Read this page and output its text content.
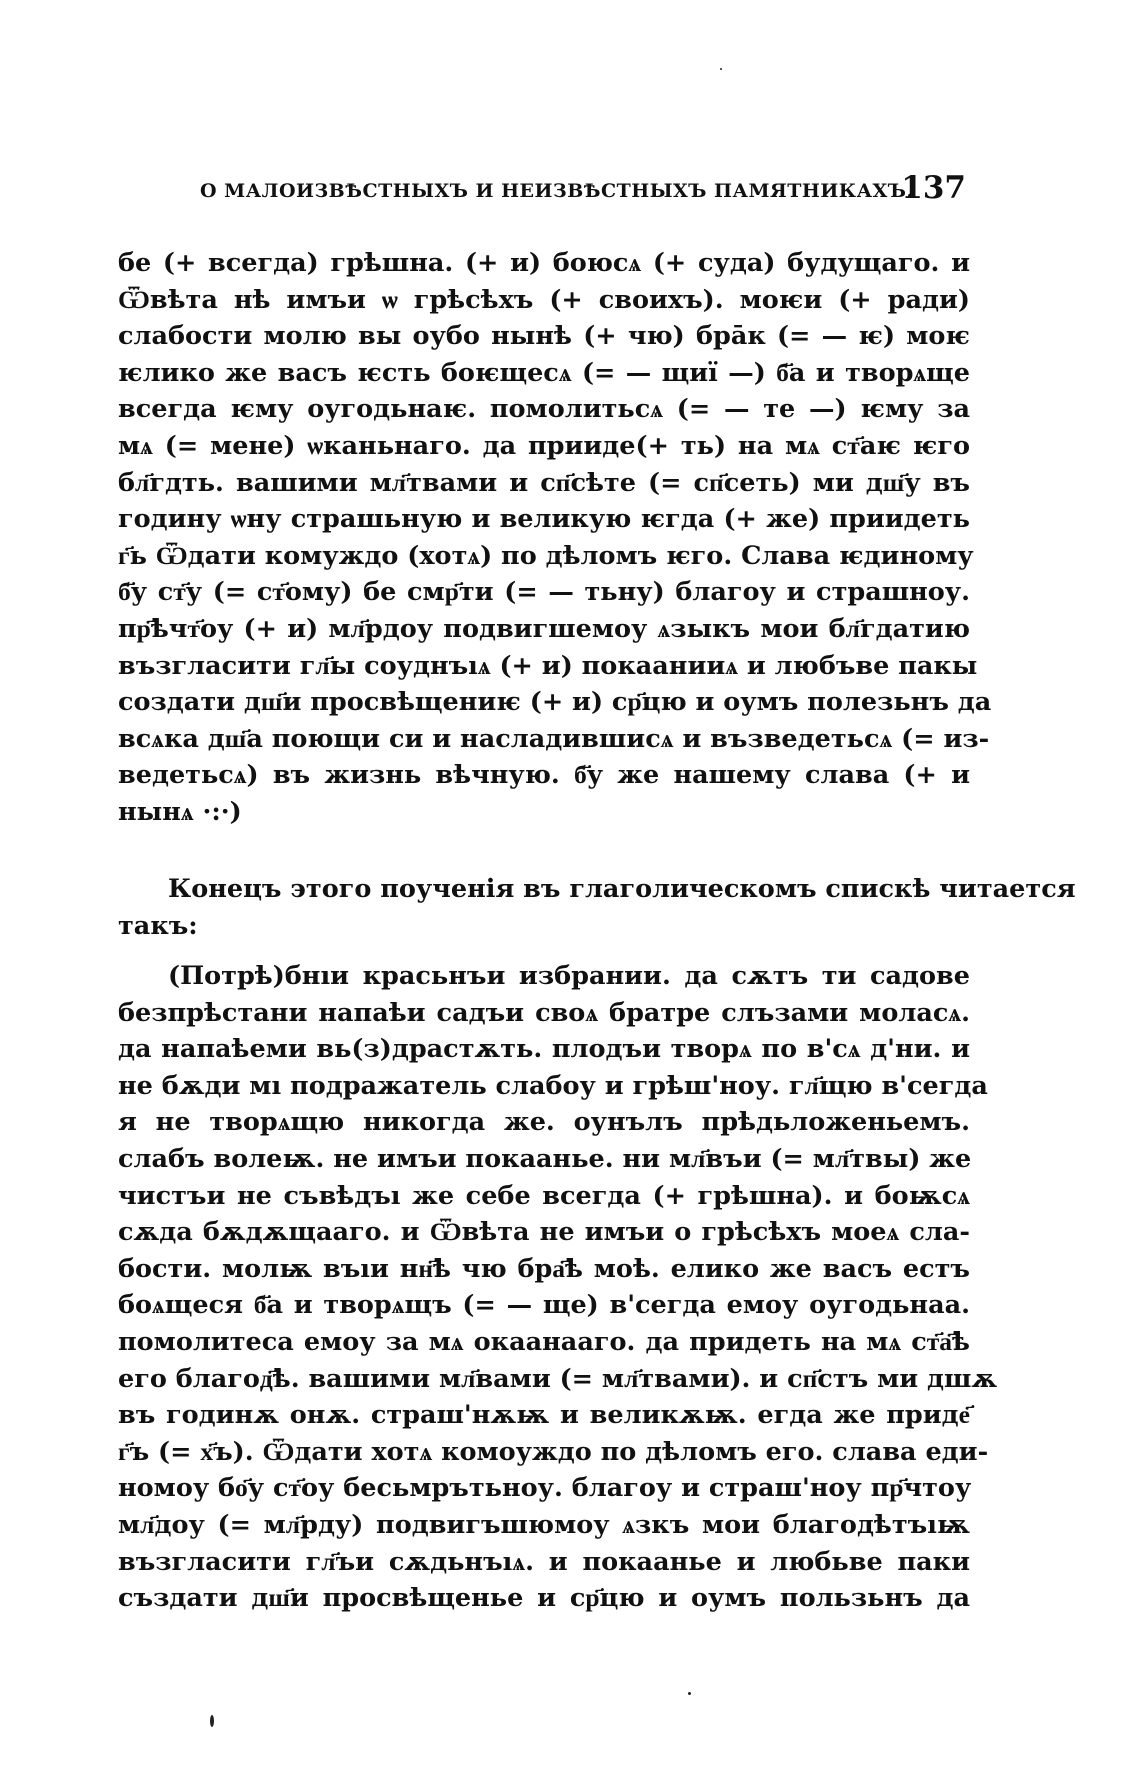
О МАЛОИЗВѢСТНЫХЪ И НЕИЗВѢСТНЫХЪ ПАМЯТНИКАХЪ.
137
бе (+ всегда) грѣшна. (+ и) боюсѧ (+ суда) будущаго. и
Ѿвѣта нѣ имъи ѡ грѣсѣхъ (+ своихъ). моѥи (+ ради)
слабости молю вы оубо нынѣ (+ чю) брāк (= — ѥ) моѥ
ѥлико же васъ ѥсть боѥщесѧ (= — щиї —) б҃а и творѧще
всегда ѥму оугодьнаѥ. помолитьсѧ (= — те —) ѥму за
мѧ (= мене) ѡканьнаго. да прииде(+ ть) на мѧ ст҃аѥ ѥго
бл҃гдть. вашими мл҃твами и сп҃сѣте (= сп҃сеть) ми дш҃у въ
годину ѡну страшьную и великую ѥгда (+ же) приидеть
г҃ь Ѿдати комуждо (хотѧ) по дѣломъ ѥго. Слава ѥдиному
б҃у ст҃у (= ст҃ому) бе смр҃ти (= — тьну) благоу и страшноу.
пр҃ѣчт҃оу (+ и) мл҃рдоу подвигшемоу ѧзыкъ мои бл҃гдатию
възгласити гл҃ы соуднъıѧ (+ и) покаанииѧ и любъве пакы
создати дш҃и просвѣщениѥ (+ и) ср҃цю и оумъ полезьнъ да
всѧка дш҃а поющи си и насладившисѧ и възведетьсѧ (= из-
ведетьсѧ) въ жизнь вѣчную. б҃у же нашему слава (+ и
нынѧ ·:·)
Конецъ этого поученія въ глаголическомъ спискѣ читается
такъ:
(Потрѣ)бнıи красьнъи избрании. да сѫтъ ти садове
безпрѣстани напаѣи садъи своѧ братре слъзами моласѧ.
да напаѣеми вь(з)драстѫть. плодъи творѧ по в'сѧ д'ни. и
не бѫди мı подражатель слабоу и грѣш'ноу. гл҃щю в'сегда
я не творѧщю никогда же. оунълъ прѣдьложеньемъ.
слабъ волеѭ. не имъи покаанье. ни мл҃въи (= мл҃твы) же
чистъи не съвѣдъı же себе всегда (+ грѣшна). и боѭсѧ
сѫда бѫдѫщааго. и Ѿвѣта не имъи о грѣсѣхъ моеѧ сла-
бости. молѭ въıи нн҃ѣ чю бра҃ѣ моѣ. елико же васъ естъ
боѧщеся б҃а и творѧщъ (= — ще) в'сегда емоу оугодьнаа.
помолитеса емоу за мѧ окаанааго. да придеть на мѧ ст҃а҃ѣ
его благод҃ѣ. вашими мл҃вами (= мл҃твами). и сп҃стъ ми дшѫ
въ годинѫ онѫ. страш'нѫѭ и великѫѭ. егда же приде҃
г҃ъ (= х҃ъ). Ѿдати хотѧ комоуждо по дѣломъ его. слава еди-
номоу бо҃у ст҃оу бесьмрътьноу. благоу и страш'ноу пр҃чтоу
мл҃доу (= мл҃рду) подвигъшюмоу ѧзкъ мои благодѣтъıѭ
възгласити гл҃ъи сѫдьнъıѧ. и покаанье и любьве паки
създати дш҃и просвѣщенье и ср҃цю и оумъ пользьнъ да
